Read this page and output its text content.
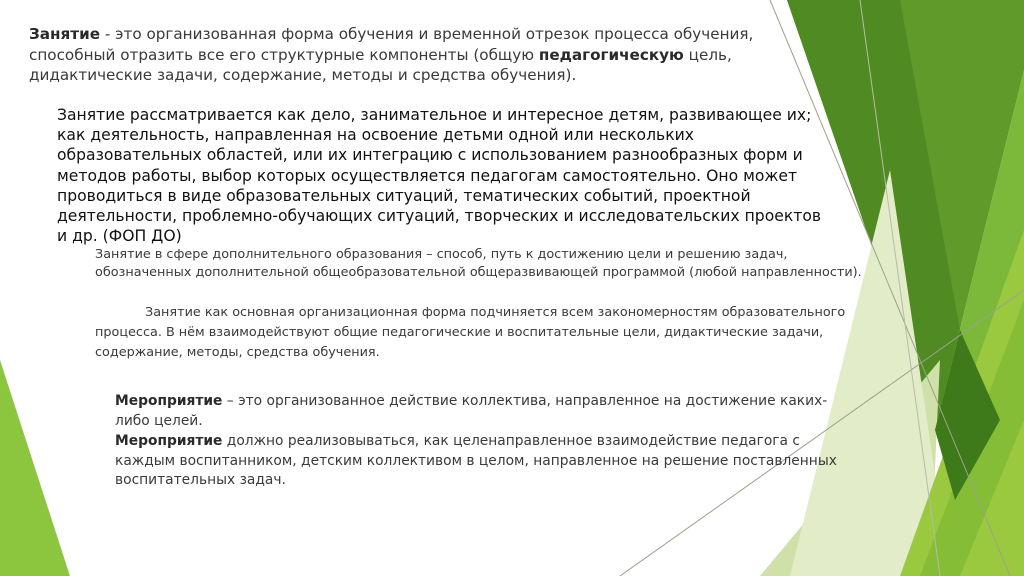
Занятие - это организованная форма обучения и временной отрезок процесса обучения, способный отразить все его структурные компоненты (общую педагогическую цель, дидактические задачи, содержание, методы и средства обучения).

Занятие рассматривается как дело, занимательное и интересное детям, развивающее их; как деятельность, направленная на освоение детьми одной или нескольких образовательных областей, или их интеграцию с использованием разнообразных форм и методов работы, выбор которых осуществляется педагогам самостоятельно. Оно может проводиться в виде образовательных ситуаций, тематических событий, проектной деятельности, проблемно-обучающих ситуаций, творческих и исследовательских проектов и др. (ФОП ДО)

Занятие в сфере дополнительного образования – способ, путь к достижению цели и решению задач, обозначенных дополнительной общеобразовательной общеразвивающей программой (любой направленности).

Занятие как основная организационная форма подчиняется всем закономерностям образовательного процесса. В нём взаимодействуют общие педагогические и воспитательные цели, дидактические задачи, содержание, методы, средства обучения.

Мероприятие – это организованное действие коллектива, направленное на достижение каких-либо целей.

Мероприятие должно реализовываться, как целенаправленное взаимодействие педагога с каждым воспитанником, детским коллективом в целом, направленное на решение поставленных воспитательных задач.
